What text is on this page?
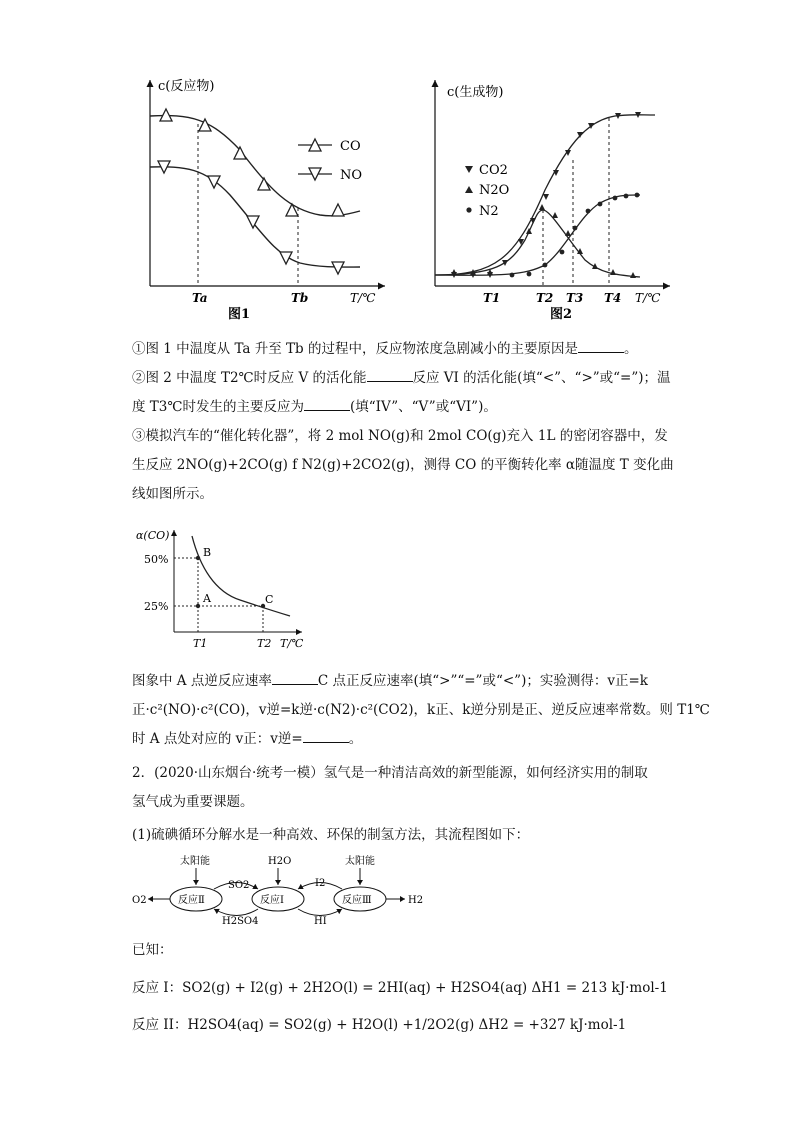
c(反应物)
CO
NO
Ta	Tb	T/℃
图1
c(生成物)
CO2
N2O
N2
T1	T2 T3 T4 T/℃
图2
①图 1 中温度从 Ta 升至 Tb 的过程中，反应物浓度急剧减小的主要原因是	。
②图 2 中温度 T2℃时反应 V 的活化能	反应 VI 的活化能(填“<”、“>”或“=”)；温
度 T3℃时发生的主要反应为	(填“IV”、“V”或“VI”)。
③模拟汽车的“催化转化器”，将 2 mol NO(g)和 2mol CO(g)充入 1L 的密闭容器中，发
生反应 2NO(g)+2CO(g) f N2(g)+2CO2(g)，测得 CO 的平衡转化率 α随温度 T 变化曲
线如图所示。
α(CO)
50%
25%
B
A	C
T1	T2 T/℃
图象中 A 点逆反应速率	C 点正反应速率(填“>”“=”或“<”)；实验测得：v正=k
正·c²(NO)·c²(CO)，v逆=k逆·c(N2)·c²(CO2)，k正、k逆分别是正、逆反应速率常数。则 T1℃
时 A 点处对应的 v正：v逆=	。
2．(2020·山东烟台·统考一模）氢气是一种清洁高效的新型能源，如何经济实用的制取
氢气成为重要课题。
(1)硫碘循环分解水是一种高效、环保的制氢方法，其流程图如下：
太阳能	H2O	太阳能
反应Ⅱ	反应Ⅰ	反应Ⅲ
O2	H2
SO2
H2SO4
I2
HI
已知：
反应 I：SO2(g) + I2(g) + 2H2O(l) = 2HI(aq) + H2SO4(aq) ΔH1 = 213 kJ·mol-1
反应 II：H2SO4(aq) = SO2(g) + H2O(l) +1/2O2(g) ΔH2 = +327 kJ·mol-1
